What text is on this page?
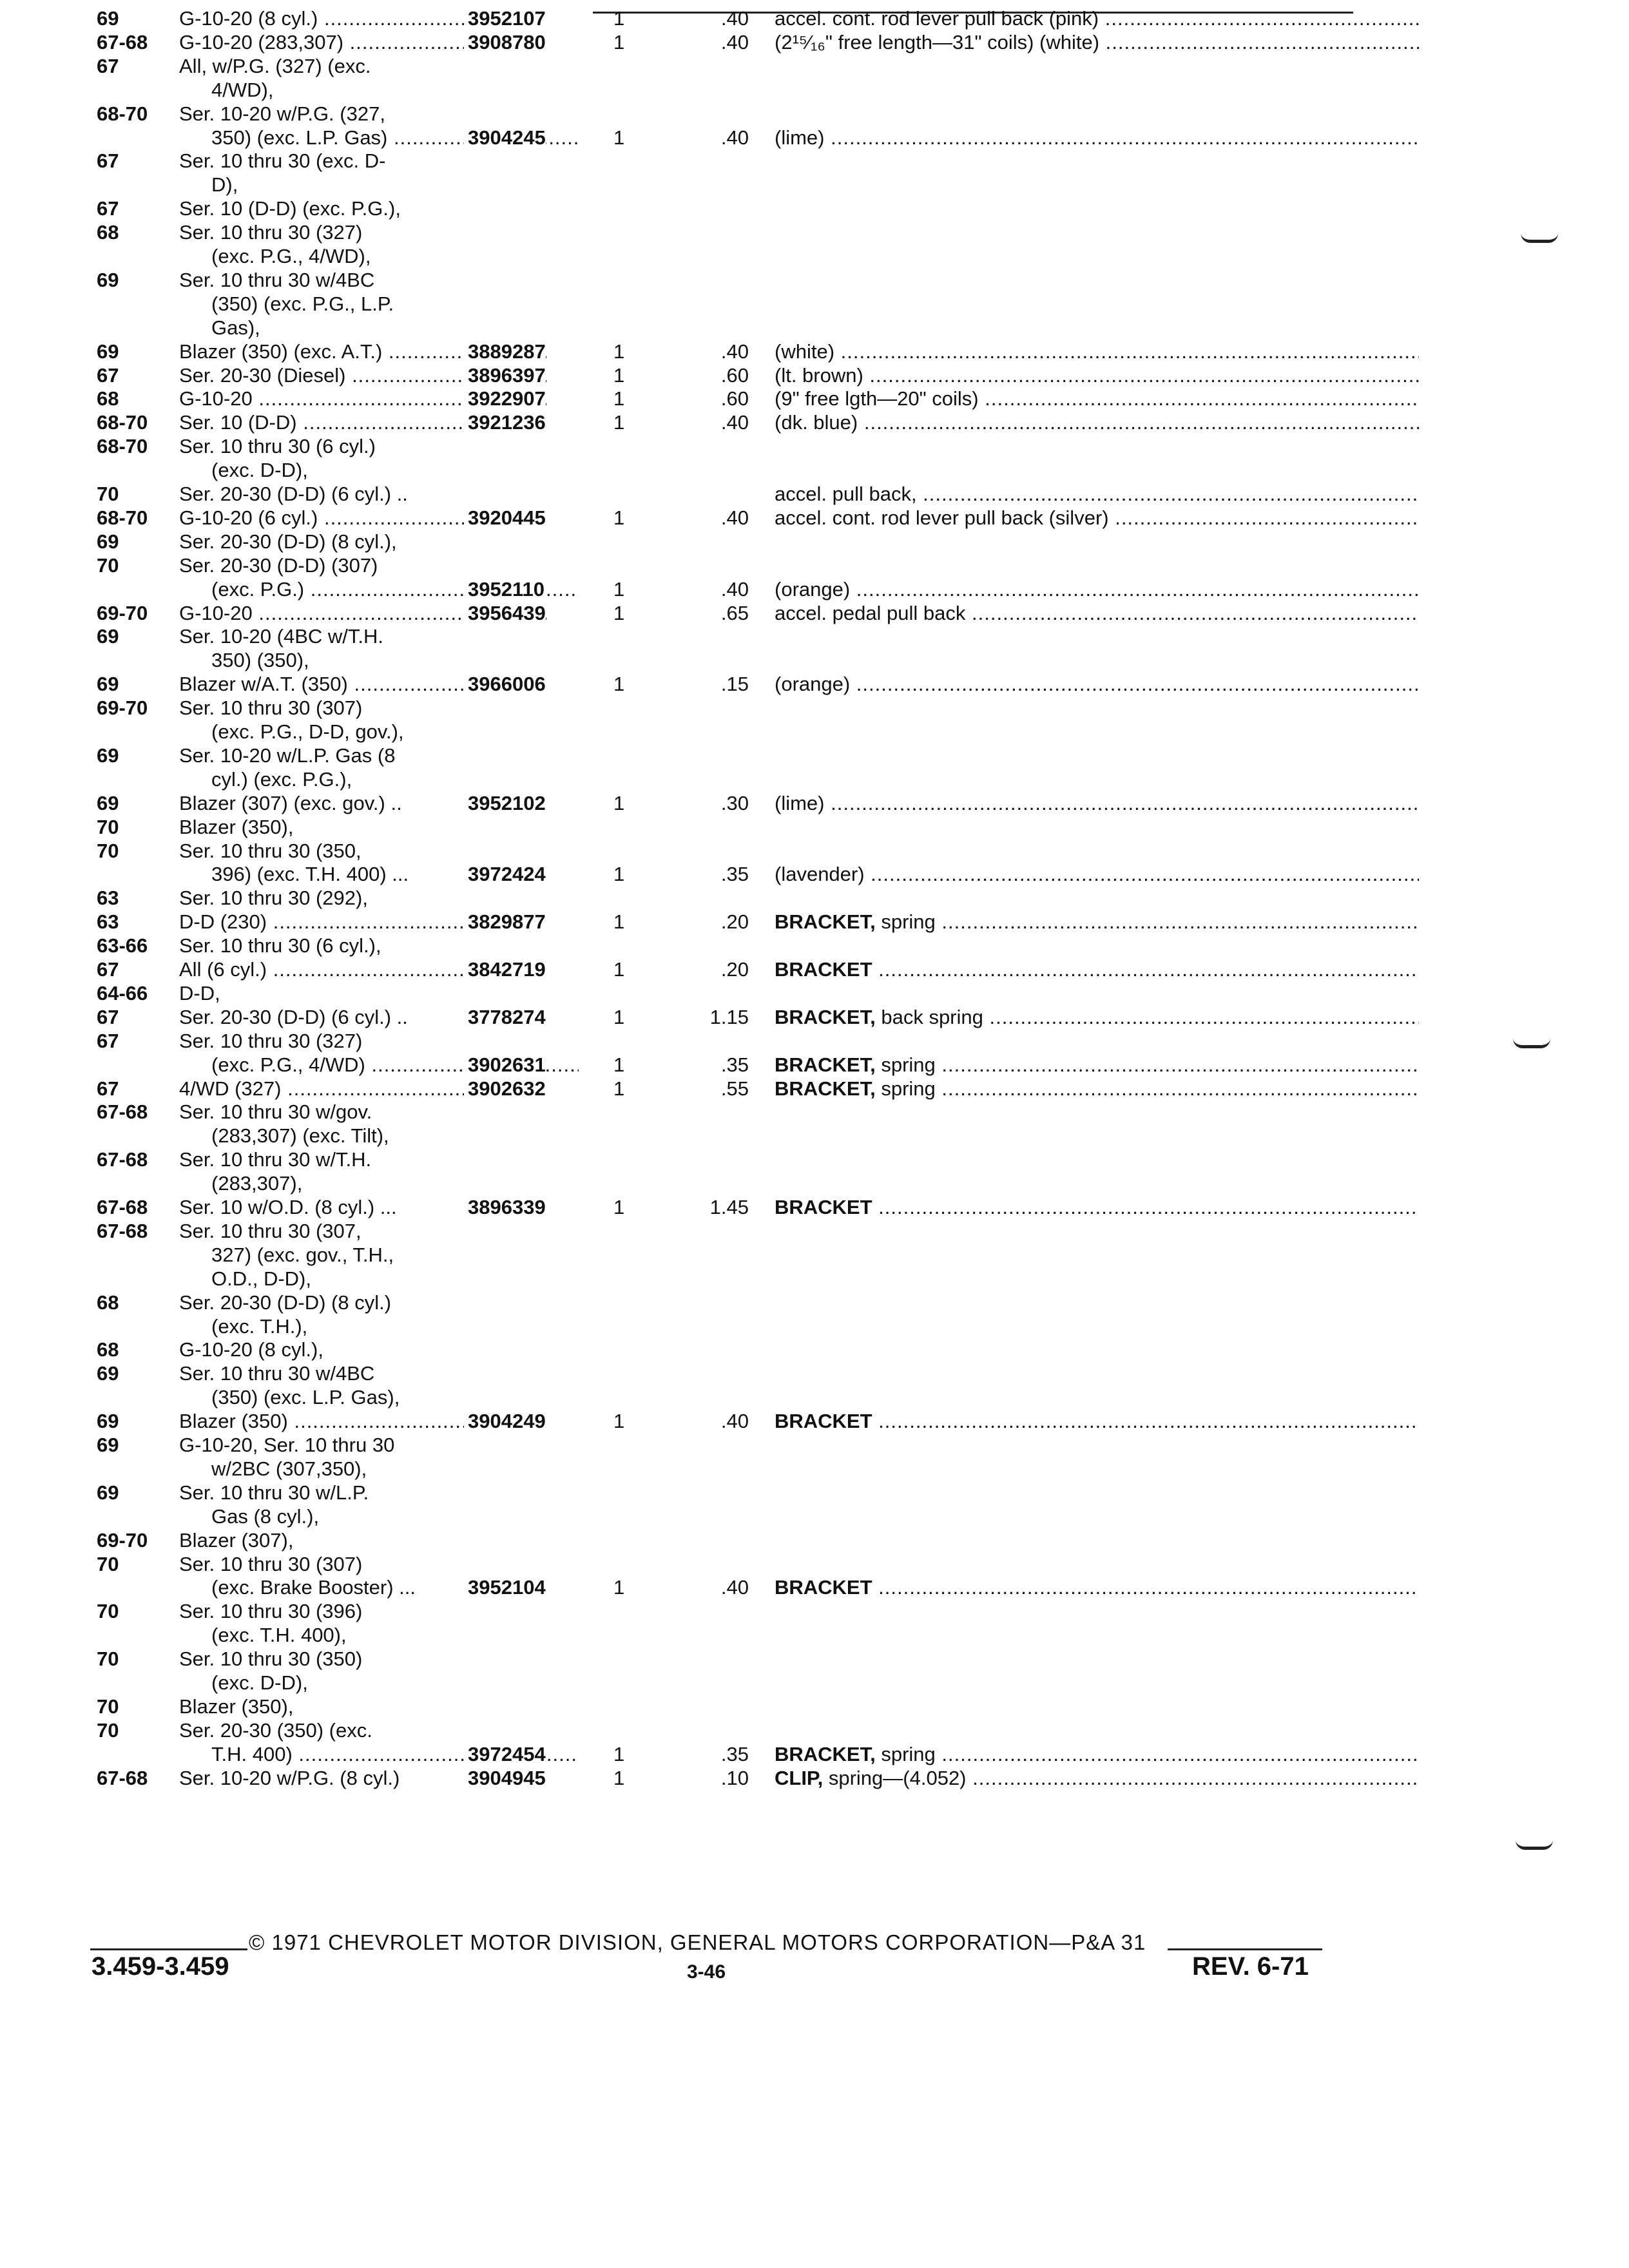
69	G-10-20 (8 cyl.) .....	3952107	1	.40 accel. cont. rod lever pull back (pink) .....
67-68	G-10-20 (283,307) .....	3908780	1	.40 (2¹⁵⁄₁₆" free length—31" coils) (white) .....
67	All, w/P.G. (327) (exc.
4/WD),
68-70	Ser. 10-20 w/P.G. (327,
350) (exc. L.P. Gas) .....	3904245	1	.40 (lime) .....
67	Ser. 10 thru 30 (exc. D-
D),
67	Ser. 10 (D-D) (exc. P.G.),
68	Ser. 10 thru 30 (327)
(exc. P.G., 4/WD),
69	Ser. 10 thru 30 w/4BC
(350) (exc. P.G., L.P.
Gas),
69	Blazer (350) (exc. A.T.) .....	3889287	1	.40 (white) .....
67	Ser. 20-30 (Diesel) .....	3896397	1	.60 (lt. brown) .....
68	G-10-20 .....	3922907	1	.60 (9" free lgth—20" coils) .....
68-70	Ser. 10 (D-D) .....	3921236	1	.40 (dk. blue) .....
68-70	Ser. 10 thru 30 (6 cyl.)
(exc. D-D),
70	Ser. 20-30 (D-D) (6 cyl.) ..	accel. pull back, .....
68-70	G-10-20 (6 cyl.) .....	3920445	1	.40 accel. cont. rod lever pull back (silver) .....
69	Ser. 20-30 (D-D) (8 cyl.),
70	Ser. 20-30 (D-D) (307)
(exc. P.G.) .....	3952110	1	.40 (orange) .....
69-70	G-10-20 .....	3956439	1	.65 accel. pedal pull back .....
69	Ser. 10-20 (4BC w/T.H.
350) (350),
69	Blazer w/A.T. (350) .....	3966006	1	.15 (orange) .....
69-70	Ser. 10 thru 30 (307)
(exc. P.G., D-D, gov.),
69	Ser. 10-20 w/L.P. Gas (8
cyl.) (exc. P.G.),
69	Blazer (307) (exc. gov.) ..	3952102	1	.30 (lime) .....
70	Blazer (350),
70	Ser. 10 thru 30 (350,
396) (exc. T.H. 400) ...	3972424	1	.35 (lavender) .....
63	Ser. 10 thru 30 (292),
63	D-D (230) .....	3829877	1	.20 BRACKET, spring .....
63-66	Ser. 10 thru 30 (6 cyl.),
67	All (6 cyl.) .....	3842719	1	.20 BRACKET .....
64-66	D-D,
67	Ser. 20-30 (D-D) (6 cyl.) ..	3778274	1	1.15 BRACKET, back spring .....
67	Ser. 10 thru 30 (327)
(exc. P.G., 4/WD) .....	3902631	1	.35 BRACKET, spring .....
67	4/WD (327) .....	3902632	1	.55 BRACKET, spring .....
67-68	Ser. 10 thru 30 w/gov.
(283,307) (exc. Tilt),
67-68	Ser. 10 thru 30 w/T.H.
(283,307),
67-68	Ser. 10 w/O.D. (8 cyl.) ...	3896339	1	1.45 BRACKET .....
67-68	Ser. 10 thru 30 (307,
327) (exc. gov., T.H.,
O.D., D-D),
68	Ser. 20-30 (D-D) (8 cyl.)
(exc. T.H.),
68	G-10-20 (8 cyl.),
69	Ser. 10 thru 30 w/4BC
(350) (exc. L.P. Gas),
69	Blazer (350) .....	3904249	1	.40 BRACKET .....
69	G-10-20, Ser. 10 thru 30
w/2BC (307,350),
69	Ser. 10 thru 30 w/L.P.
Gas (8 cyl.),
69-70	Blazer (307),
70	Ser. 10 thru 30 (307)
(exc. Brake Booster) ...	3952104	1	.40 BRACKET .....
70	Ser. 10 thru 30 (396)
(exc. T.H. 400),
70	Ser. 10 thru 30 (350)
(exc. D-D),
70	Blazer (350),
70	Ser. 20-30 (350) (exc.
T.H. 400) .....	3972454	1	.35 BRACKET, spring .....
67-68	Ser. 10-20 w/P.G. (8 cyl.)	3904945	1	.10 CLIP, spring—(4.052) .....
© 1971 CHEVROLET MOTOR DIVISION, GENERAL MOTORS CORPORATION—P&A 31
3.459-3.459	3-46	REV. 6-71
